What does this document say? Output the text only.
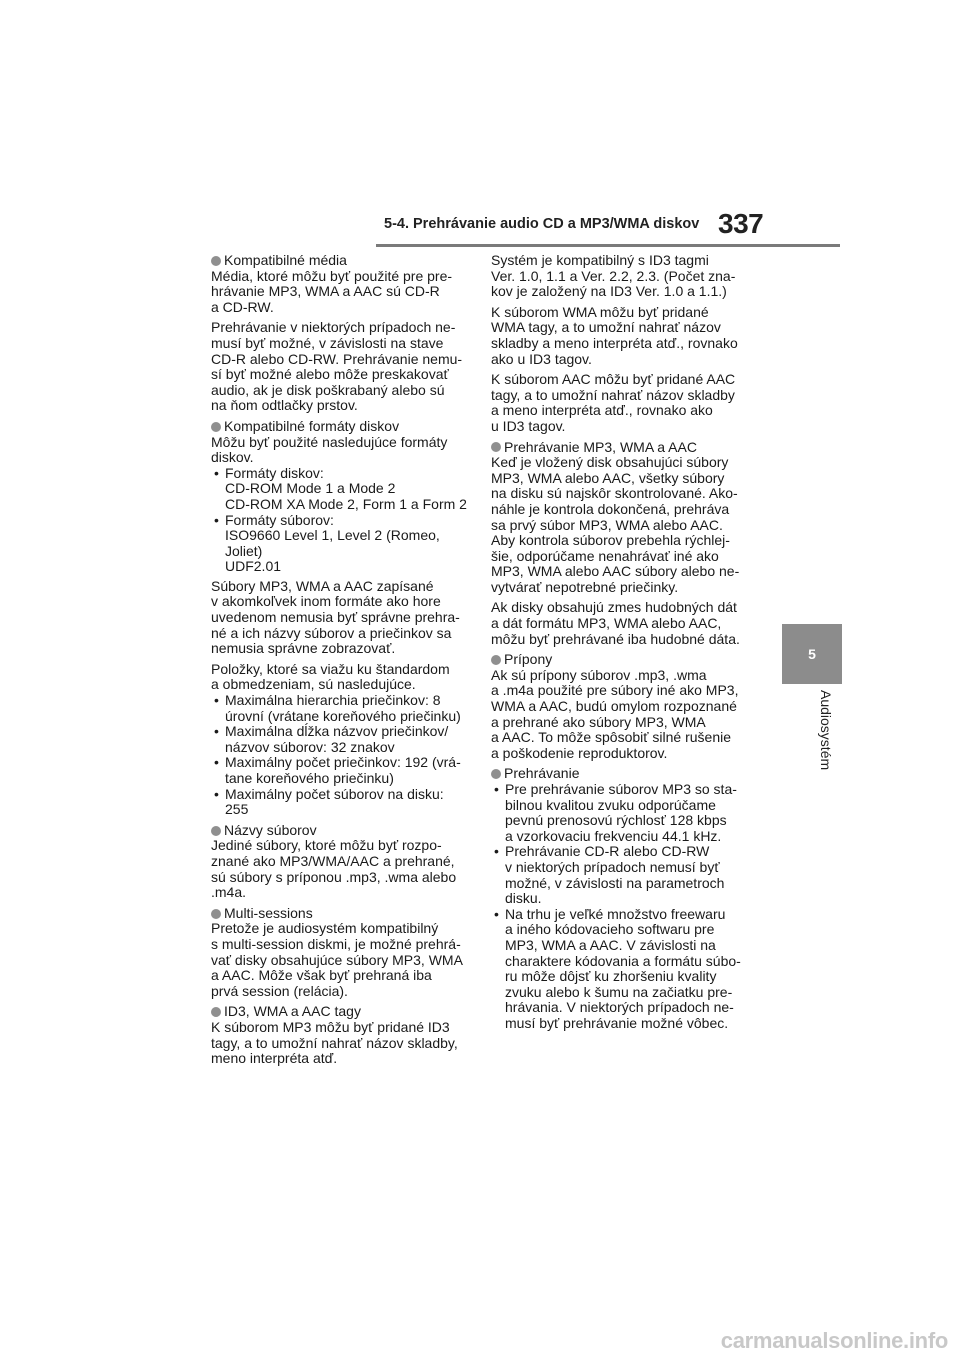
5-4. Prehrávanie audio CD a MP3/WMA diskov 337
5
Audiosystém
Kompatibilné média

Média, ktoré môžu byť použité pre pre-
hrávanie MP3, WMA a AAC sú CD-R
a CD-RW.

Prehrávanie v niektorých prípadoch ne-
musí byť možné, v závislosti na stave
CD-R alebo CD-RW. Prehrávanie nemu-
sí byť možné alebo môže preskakovať
audio, ak je disk poškrabaný alebo sú
na ňom odtlačky prstov.

Kompatibilné formáty diskov

Môžu byť použité nasledujúce formáty
diskov.

• Formáty diskov:
CD-ROM Mode 1 a Mode 2
CD-ROM XA Mode 2, Form 1 a Form 2
• Formáty súborov:
ISO9660 Level 1, Level 2 (Romeo,
Joliet)
UDF2.01

Súbory MP3, WMA a AAC zapísané
v akomkoľvek inom formáte ako hore
uvedenom nemusia byť správne prehra-
né a ich názvy súborov a priečinkov sa
nemusia správne zobrazovať.

Položky, ktoré sa viažu ku štandardom
a obmedzeniam, sú nasledujúce.

• Maximálna hierarchia priečinkov: 8
úrovní (vrátane koreňového priečinku)
• Maximálna dĺžka názvov priečinkov/
názvov súborov: 32 znakov
• Maximálny počet priečinkov: 192 (vrá-
tane koreňového priečinku)
• Maximálny počet súborov na disku:
255
Názvy súborov

Jediné súbory, ktoré môžu byť rozpo-
znané ako MP3/WMA/AAC a prehrané,
sú súbory s príponou .mp3, .wma alebo
.m4a.

Multi-sessions

Pretože je audiosystém kompatibilný
s multi-session diskmi, je možné prehrá-
vať disky obsahujúce súbory MP3, WMA
a AAC. Môže však byť prehraná iba
prvá session (relácia).

ID3, WMA a AAC tagy

K súborom MP3 môžu byť pridané ID3
tagy, a to umožní nahrať názov skladby,
meno interpréta atď.

Systém je kompatibilný s ID3 tagmi
Ver. 1.0, 1.1 a Ver. 2.2, 2.3. (Počet zna-
kov je založený na ID3 Ver. 1.0 a 1.1.)

K súborom WMA môžu byť pridané
WMA tagy, a to umožní nahrať názov
skladby a meno interpréta atď., rovnako
ako u ID3 tagov.

K súborom AAC môžu byť pridané AAC
tagy, a to umožní nahrať názov skladby
a meno interpréta atď., rovnako ako
u ID3 tagov.

Prehrávanie MP3, WMA a AAC

Keď je vložený disk obsahujúci súbory
MP3, WMA alebo AAC, všetky súbory
na disku sú najskôr skontrolované. Ako-
náhle je kontrola dokončená, prehráva
sa prvý súbor MP3, WMA alebo AAC.
Aby kontrola súborov prebehla rýchlej-
šie, odporúčame nenahrávať iné ako
MP3, WMA alebo AAC súbory alebo ne-
vytvárať nepotrebné priečinky.

Ak disky obsahujú zmes hudobných dát
a dát formátu MP3, WMA alebo AAC,
môžu byť prehrávané iba hudobné dáta.

Prípony

Ak sú prípony súborov .mp3, .wma
a .m4a použité pre súbory iné ako MP3,
WMA a AAC, budú omylom rozpoznané
a prehrané ako súbory MP3, WMA
a AAC. To môže spôsobiť silné rušenie
a poškodenie reproduktorov.

Prehrávanie
• Pre prehrávanie súborov MP3 so sta-
bilnou kvalitou zvuku odporúčame
pevnú prenosovú rýchlosť 128 kbps
a vzorkovaciu frekvenciu 44.1 kHz.
• Prehrávanie CD-R alebo CD-RW
v niektorých prípadoch nemusí byť
možné, v závislosti na parametroch
disku.
• Na trhu je veľké množstvo freewaru
a iného kódovacieho softwaru pre
MP3, WMA a AAC. V závislosti na
charaktere kódovania a formátu súbo-
ru môže dôjsť ku zhoršeniu kvality
zvuku alebo k šumu na začiatku pre-
hrávania. V niektorých prípadoch ne-
musí byť prehrávanie možné vôbec.
carmanualsonline.info
